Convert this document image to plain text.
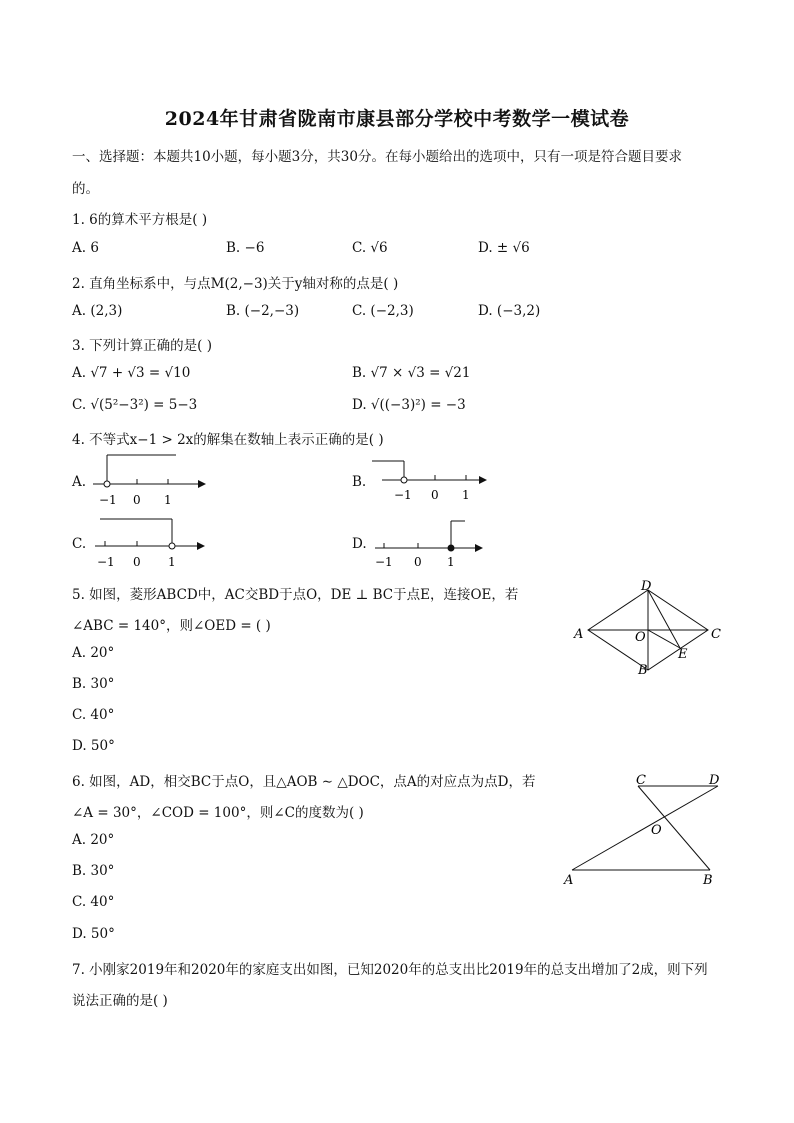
2024年甘肃省陇南市康县部分学校中考数学一模试卷
一、选择题：本题共10小题，每小题3分，共30分。在每小题给出的选项中，只有一项是符合题目要求
的。
1. 6的算术平方根是( )
A. 6	B. −6	C. √6	D. ± √6
2. 直角坐标系中，与点M(2,−3)关于y轴对称的点是( )
A. (2,3)	B. (−2,−3)	C. (−2,3)	D. (−3,2)
3. 下列计算正确的是( )
A. √7 + √3 = √10	B. √7 × √3 = √21
C. √(5²−3²) = 5−3	D. √((−3)²) = −3
4. 不等式x−1 > 2x的解集在数轴上表示正确的是( )
A.	B.
C.	D.
−1 0 1	−1 0 1
−1 0 1	−1 0 1
5. 如图，菱形ABCD中，AC交BD于点O，DE ⊥ BC于点E，连接OE，若
∠ABC = 140°，则∠OED = ( )
A. 20°
B. 30°
C. 40°
D. 50°
A
D
C
B
O
E
6. 如图，AD，相交BC于点O，且△AOB ∼ △DOC，点A的对应点为点D，若
∠A = 30°，∠COD = 100°，则∠C的度数为( )
A. 20°
B. 30°
C. 40°
D. 50°
C	D
O
A	B
7. 小刚家2019年和2020年的家庭支出如图，已知2020年的总支出比2019年的总支出增加了2成，则下列
说法正确的是( )
